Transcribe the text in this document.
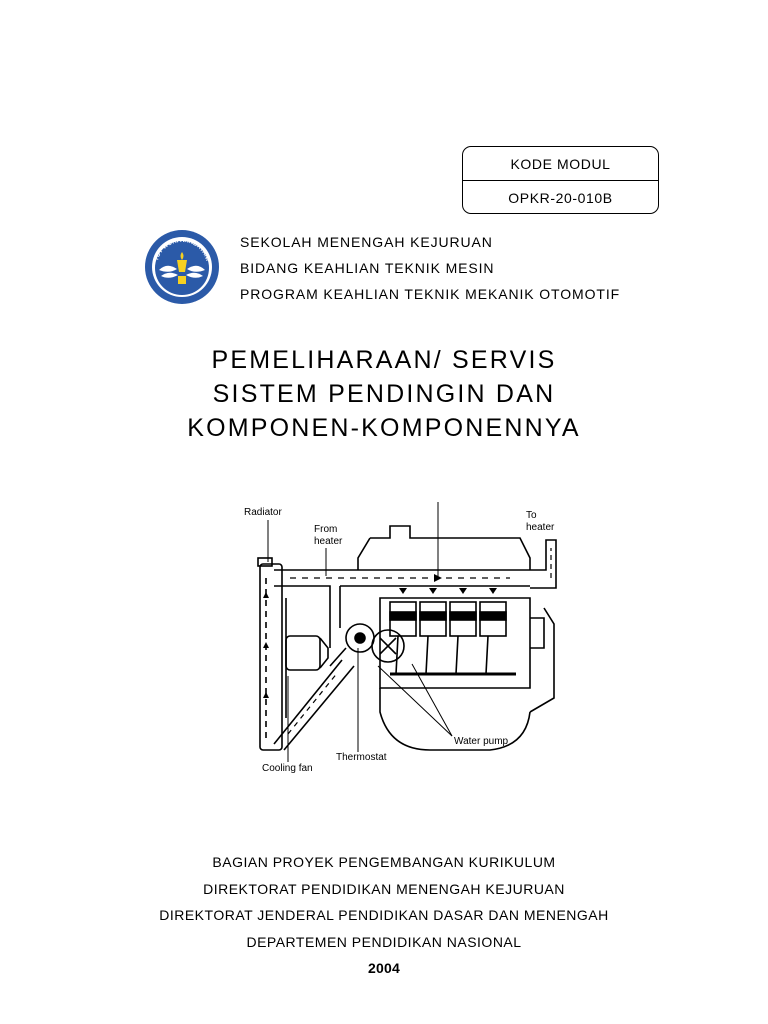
KODE MODUL
OPKR-20-010B
TUT WURI HANDAYANI
SEKOLAH MENENGAH KEJURUAN
BIDANG KEAHLIAN TEKNIK MESIN
PROGRAM KEAHLIAN TEKNIK MEKANIK OTOMOTIF
PEMELIHARAAN/ SERVIS
SISTEM PENDINGIN DAN
KOMPONEN-KOMPONENNYA
Radiator
From
heater
To
heater
Water pump
Thermostat
Cooling fan
BAGIAN PROYEK PENGEMBANGAN KURIKULUM
DIREKTORAT PENDIDIKAN MENENGAH KEJURUAN
DIREKTORAT JENDERAL PENDIDIKAN DASAR DAN MENENGAH
DEPARTEMEN PENDIDIKAN NASIONAL
2004
